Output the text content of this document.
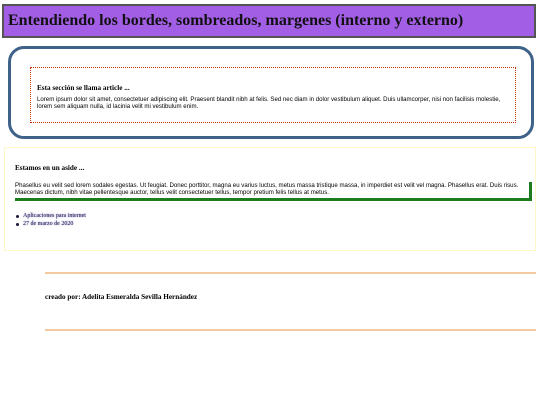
Entendiendo los bordes, sombreados, margenes (interno y externo)
Esta sección se llama article ...

Lorem ipsum dolor sit amet, consectetuer adipiscing elit. Praesent blandit nibh at felis. Sed nec diam in dolor vestibulum aliquet. Duis ullamcorper, nisi non facilisis molestie, lorem sem aliquam nulla, id lacinia velit mi vestibulum enim.

Estamos en un aside ...

Phasellus eu velit sed lorem sodales egestas. Ut feugiat. Donec porttitor, magna eu varius luctus, metus massa tristique massa, in imperdiet est velit vel magna. Phasellus erat. Duis risus. Maecenas dictum, nibh vitae pellentesque auctor, tellus velit consectetuer tellus, tempor pretium felis tellus at metus.

Aplicaciones para internet
27 de marzo de 2020

creado por: Adelita Esmeralda Sevilla Hernández
